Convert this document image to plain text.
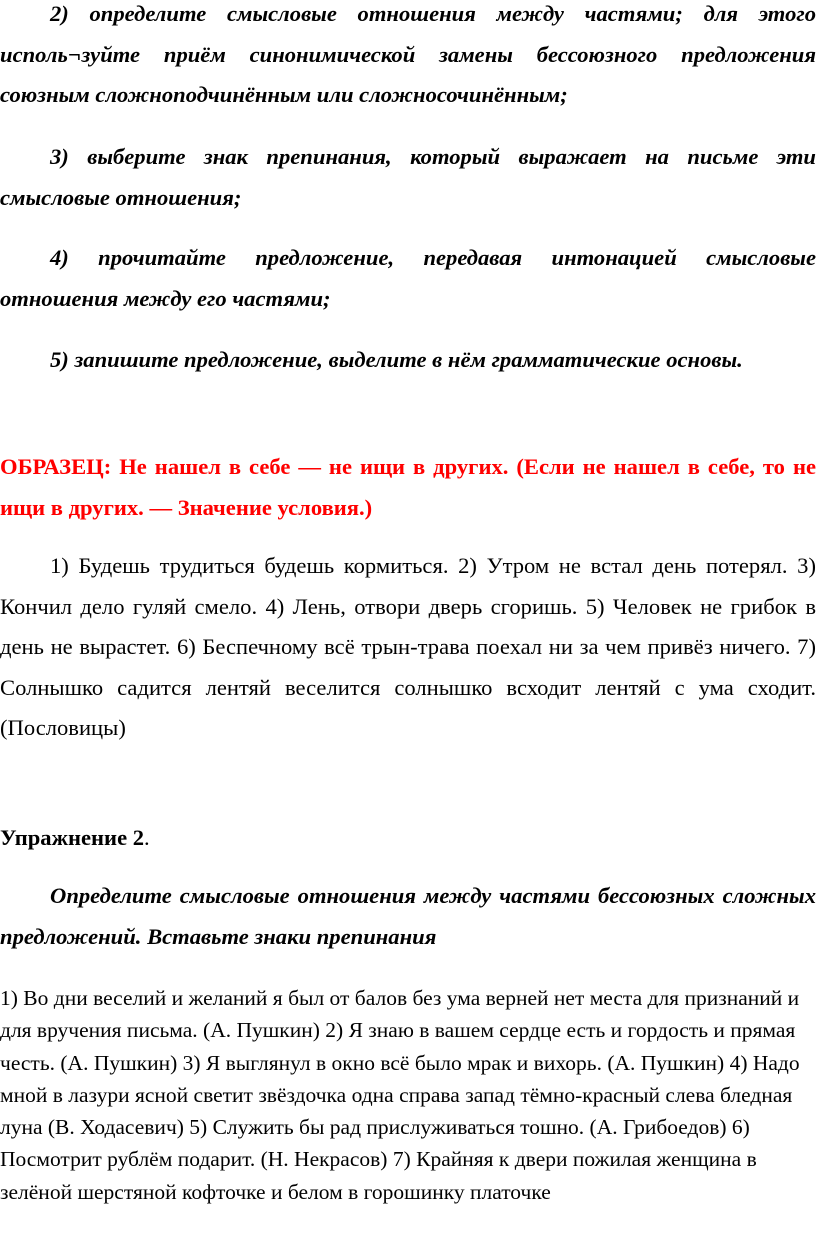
2) определите смысловые отношения между частями; для этого исполь¬зуйте приём синонимической замены бессоюзного предложения союзным сложноподчинённым или сложносочинённым;

3) выберите знак препинания, который выражает на письме эти смысловые отношения;

4) прочитайте предложение, передавая интонацией смысловые отношения между его частями;

5) запишите предложение, выделите в нём грамматические основы.

ОБРАЗЕЦ: Не нашел в себе — не ищи в других. (Если не нашел в себе, то не ищи в других. — Значение условия.)

1) Будешь трудиться будешь кормиться. 2) Утром не встал день потерял. 3) Кончил дело гуляй смело. 4) Лень, отвори дверь сгоришь. 5) Человек не грибок в день не вырастет. 6) Беспечному всё трын-трава поехал ни за чем привёз ничего. 7) Солнышко садится лентяй веселится солнышко всходит лентяй с ума сходит. (Пословицы)

Упражнение 2.

Определите смысловые отношения между частями бессоюзных сложных предложений. Вставьте знаки препинания

1) Во дни веселий и желаний я был от балов без ума верней нет места для признаний и для вручения письма. (А. Пушкин) 2) Я знаю в вашем сердце есть и гордость и прямая честь. (А. Пушкин) 3) Я выглянул в окно всё было мрак и вихорь. (А. Пушкин) 4) Надо мной в лазури ясной светит звёздочка одна справа запад тёмно-красный слева бледная луна (В. Ходасевич) 5) Служить бы рад прислуживаться тошно. (А. Грибоедов) 6) Посмотрит рублём подарит. (Н. Некрасов) 7) Крайняя к двери пожилая женщина в зелёной шерстяной кофточке и белом в горошинку платочке
